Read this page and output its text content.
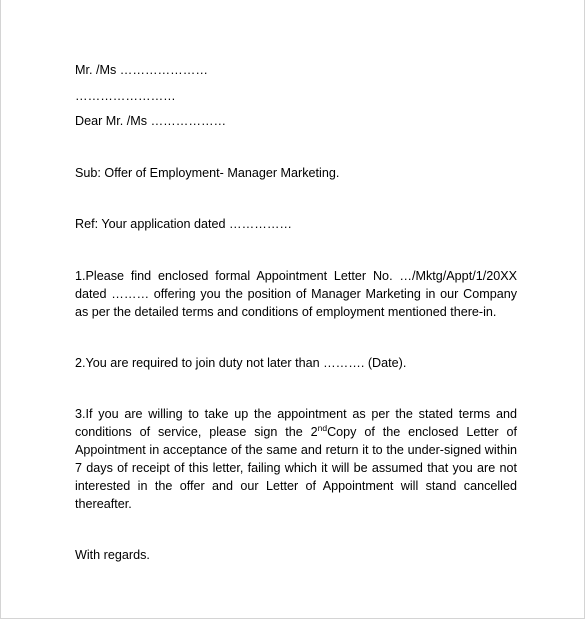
Mr. /Ms …………………
……………………
Dear Mr. /Ms ………………
Sub: Offer of Employment- Manager Marketing.
Ref: Your application dated ……………
1.Please find enclosed formal Appointment Letter No. …/Mktg/Appt/1/20XX
dated ……… offering you the position of Manager Marketing in our Company
as per the detailed terms and conditions of employment mentioned there-in.
2.You are required to join duty not later than ………. (Date).
3.If you are willing to take up the appointment as per the stated terms and
conditions of service, please sign the 2ndCopy of the enclosed Letter of
Appointment in acceptance of the same and return it to the under-signed within
7 days of receipt of this letter, failing which it will be assumed that you are not
interested in the offer and our Letter of Appointment will stand cancelled
thereafter.
With regards.
